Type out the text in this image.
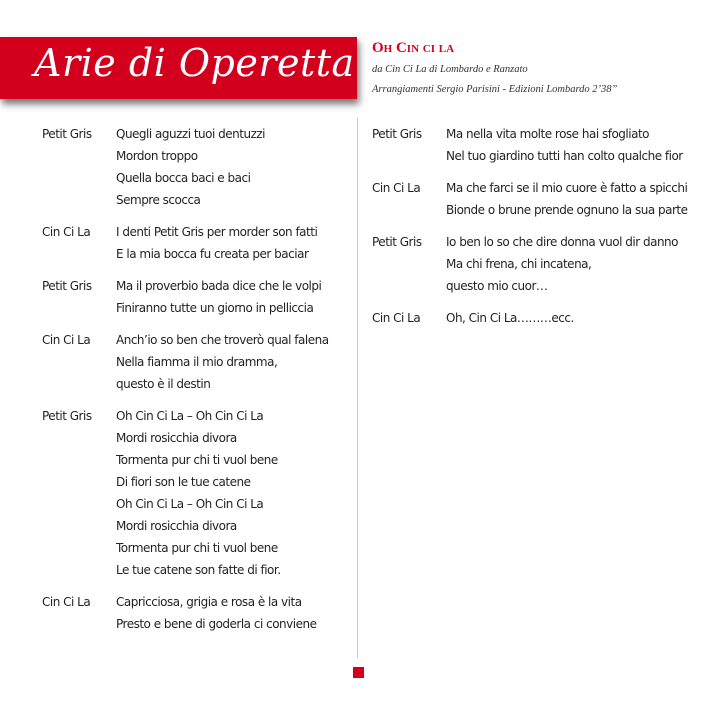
Arie di Operetta Oh Cin ci la
da Cin Ci La di Lombardo e Ranzato
Arrangiamenti Sergio Parisini - Edizioni Lombardo 2’38”
Petit Gris	Quegli aguzzi tuoi dentuzzi
Mordon troppo
Quella bocca baci e baci
Sempre scocca
Cin Ci La	I denti Petit Gris per morder son fatti
E la mia bocca fu creata per baciar
Petit Gris	Ma il proverbio bada dice che le volpi
Finiranno tutte un giorno in pelliccia
Cin Ci La	Anch’io so ben che troverò qual falena
Nella fiamma il mio dramma,
questo è il destin
Petit Gris	Oh Cin Ci La – Oh Cin Ci La
Mordi rosicchia divora
Tormenta pur chi ti vuol bene
Di fiori son le tue catene
Oh Cin Ci La – Oh Cin Ci La
Mordi rosicchia divora
Tormenta pur chi ti vuol bene
Le tue catene son fatte di fior.
Cin Ci La	Capricciosa, grigia e rosa è la vita
Presto e bene di goderla ci conviene
Petit Gris	Ma nella vita molte rose hai sfogliato
Nel tuo giardino tutti han colto qualche fior
Cin Ci La	Ma che farci se il mio cuore è fatto a spicchi
Bionde o brune prende ognuno la sua parte
Petit Gris	Io ben lo so che dire donna vuol dir danno
Ma chi frena, chi incatena,
questo mio cuor…
Cin Ci La	Oh, Cin Ci La………ecc.
